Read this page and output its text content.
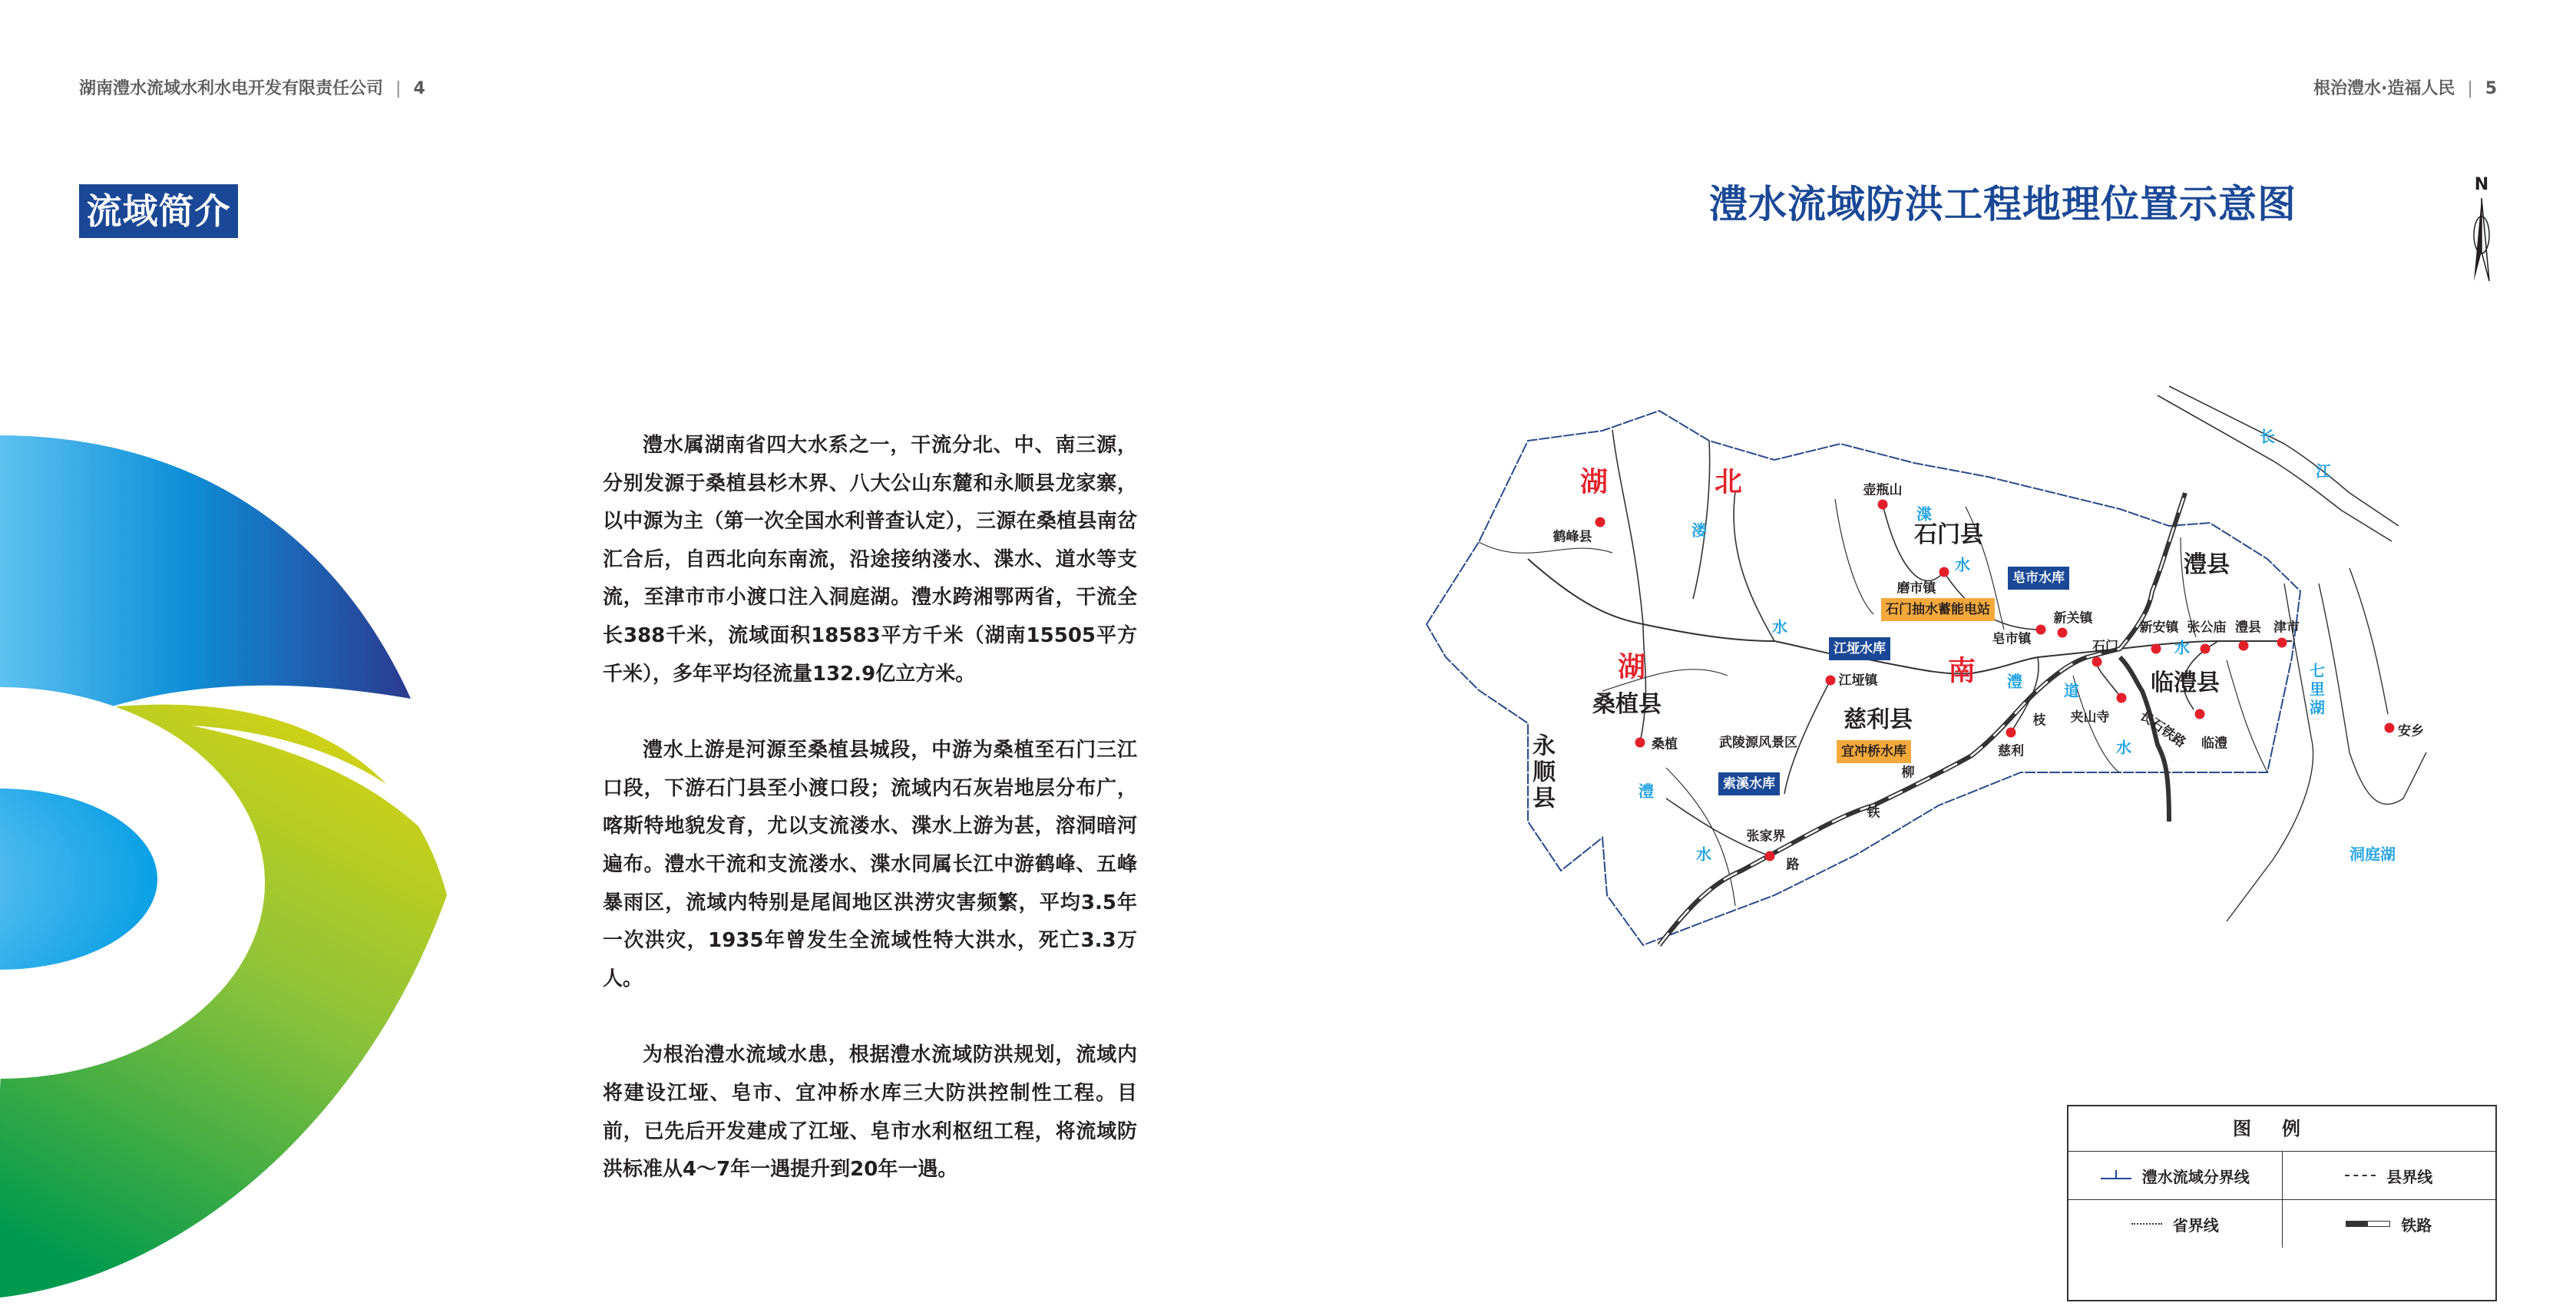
湖南澧水流域水利水电开发有限责任公司 | 4
流域简介

澧水属湖南省四大水系之一，干流分北、中、南三源，分别发源于桑植县杉木界、八大公山东麓和永顺县龙家寨，以中源为主（第一次全国水利普查认定），三源在桑植县南岔汇合后，自西北向东南流，沿途接纳溇水、渫水、道水等支流，至津市市小渡口注入洞庭湖。澧水跨湘鄂两省，干流全长388千米，流域面积18583平方千米（湖南15505平方千米），多年平均径流量132.9亿立方米。

澧水上游是河源至桑植县城段，中游为桑植至石门三江口段，下游石门县至小渡口段；流域内石灰岩地层分布广，喀斯特地貌发育，尤以支流溇水、渫水上游为甚，溶洞暗河遍布。澧水干流和支流溇水、渫水同属长江中游鹤峰、五峰暴雨区，流域内特别是尾闾地区洪涝灾害频繁，平均3.5年一次洪灾，1935年曾发生全流域性特大洪水，死亡3.3万人。

为根治澧水流域水患，根据澧水流域防洪规划，流域内将建设江垭、皂市、宜冲桥水库三大防洪控制性工程。目前，已先后开发建成了江垭、皂市水利枢纽工程，将流域防洪标准从4～7年一遇提升到20年一遇。

根治澧水·造福人民 | 5
澧水流域防洪工程地理位置示意图	N
湖	北
湖	南
石门县
桑植县
慈利县
临澧县
澧县
永顺县
鹤峰县
壶瓶山
磨市镇
皂市镇
新关镇
石门
新安镇 张公庙 澧县 津市
夹山寺
临澧
安乡
江垭镇
慈利
桑植	武陵源风景区
张家界
溇
水
渫
水
澧
水
澧	道
水
水
长
江
七里湖
洞庭湖
长石铁路
枝
柳
铁
路
皂市水库
石门抽水蓄能电站
江垭水库
宜冲桥水库
索溪水库
图例
澧水流域分界线	县界线
省界线	铁路
